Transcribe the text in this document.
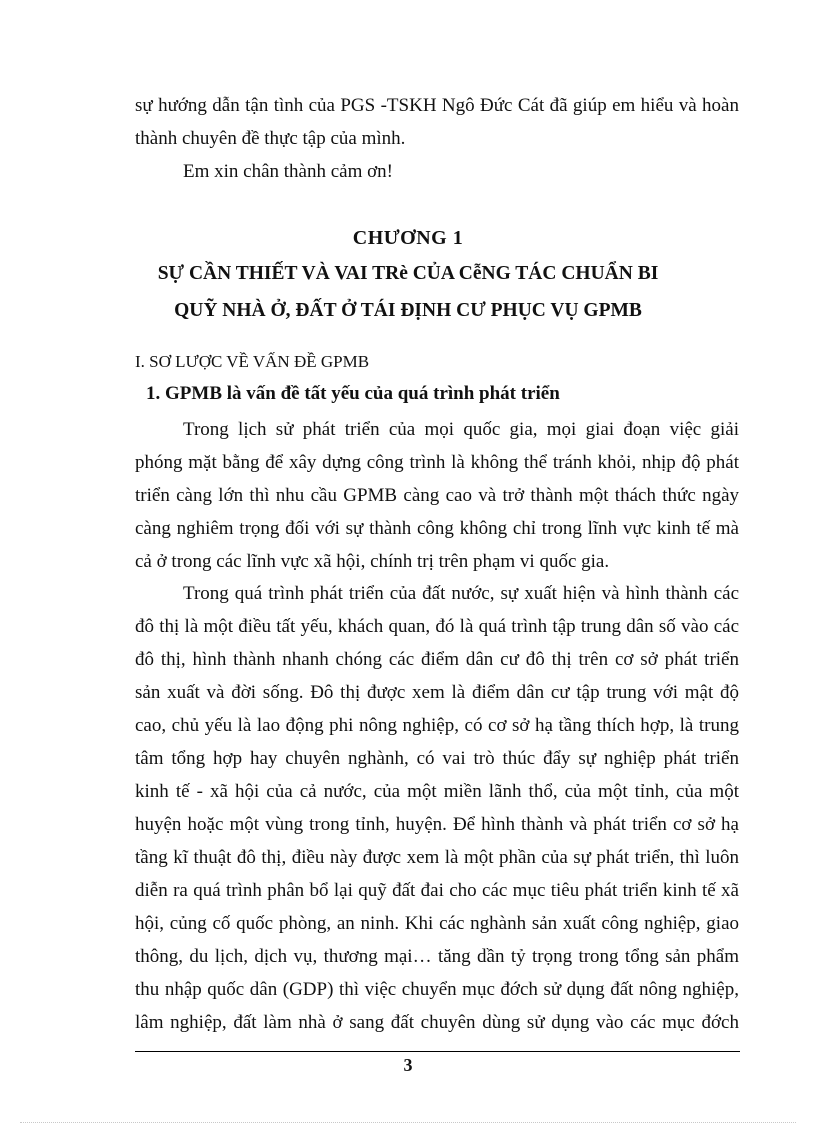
sự hướng dẫn tận tình của PGS -TSKH Ngô Đức Cát đã giúp em hiểu và hoàn
thành chuyên đề thực tập của mình.
Em xin chân thành cảm ơn!
CHƯƠNG 1
SỰ CẦN THIẾT VÀ VAI TRè CỦA CễNG TÁC CHUẨN BI
QUỸ NHÀ Ở, ĐẤT Ở TÁI ĐỊNH CƯ PHỤC VỤ GPMB
I. SƠ LƯỢC VỀ VẤN ĐỀ GPMB
1. GPMB là vấn đề tất yếu của quá trình phát triển
Trong lịch sử phát triển của mọi quốc gia, mọi giai đoạn việc giải
phóng mặt bằng để xây dựng công trình là không thể tránh khỏi, nhịp độ phát
triển càng lớn thì nhu cầu GPMB càng cao và trở thành một thách thức ngày
càng nghiêm trọng đối với sự thành công không chỉ trong lĩnh vực kinh tế mà
cả ở trong các lĩnh vực xã hội, chính trị trên phạm vi quốc gia.
Trong quá trình phát triển của đất nước, sự xuất hiện và hình thành các
đô thị là một điều tất yếu, khách quan, đó là quá trình tập trung dân số vào các
đô thị, hình thành nhanh chóng các điểm dân cư đô thị trên cơ sở phát triển
sản xuất và đời sống. Đô thị được xem là điểm dân cư tập trung với mật độ
cao, chủ yếu là lao động phi nông nghiệp, có cơ sở hạ tầng thích hợp, là trung
tâm tổng hợp hay chuyên nghành, có vai trò thúc đẩy sự nghiệp phát triển
kinh tế - xã hội của cả nước, của một miền lãnh thổ, của một tỉnh, của một
huyện hoặc một vùng trong tỉnh, huyện. Để hình thành và phát triển cơ sở hạ
tầng kĩ thuật đô thị, điều này được xem là một phần của sự phát triển, thì luôn
diễn ra quá trình phân bổ lại quỹ đất đai cho các mục tiêu phát triển kinh tế xã
hội, củng cố quốc phòng, an ninh. Khi các nghành sản xuất công nghiệp, giao
thông, du lịch, dịch vụ, thương mại… tăng dần tỷ trọng trong tổng sản phẩm
thu nhập quốc dân (GDP) thì việc chuyển mục đớch sử dụng đất nông nghiệp,
lâm nghiệp, đất làm nhà ở sang đất chuyên dùng sử dụng vào các mục đớch
3
